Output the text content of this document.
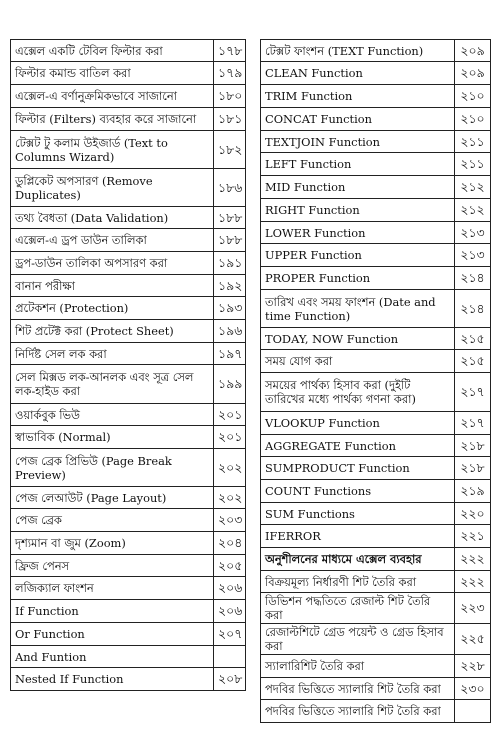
এক্সেল একটি টেবিল ফিল্টার করা	১৭৮
ফিল্টার কমান্ড বাতিল করা	১৭৯
এক্সেল-এ বর্ণানুক্রমিকভাবে সাজানো	১৮০
ফিল্টার (Filters) ব্যবহার করে সাজানো	১৮১
টেক্সট টু কলাম উইজার্ড (Text to Columns Wizard)	১৮২
ডুপ্লিকেট অপসারণ (Remove Duplicates)	১৮৬
তথ্য বৈধতা (Data Validation)	১৮৮
এক্সেল-এ ড্রপ ডাউন তালিকা	১৮৮
ড্রপ-ডাউন তালিকা অপসারণ করা	১৯১
বানান পরীক্ষা	১৯২
প্রটেকশন (Protection)	১৯৩
শিট প্রটেক্ট করা (Protect Sheet)	১৯৬
নির্দিষ্ট সেল লক করা	১৯৭
সেল মিক্সড লক-আনলক এবং সূত্র সেল লক-হাইড করা	১৯৯
ওয়ার্কবুক ভিউ	২০১
স্বাভাবিক (Normal)	২০১
পেজ ব্রেক প্রিভিউ (Page Break Preview)	২০২
পেজ লেআউট (Page Layout)	২০২
পেজ ব্রেক	২০৩
দৃশ্যমান বা জুম (Zoom)	২০৪
ফ্রিজ পেনস	২০৫
লজিক্যাল ফাংশন	২০৬
If Function	২০৬
Or Function	২০৭
And Funtion	
Nested If Function	২০৮
টেক্সট ফাংশন (TEXT Function)	২০৯
CLEAN Function	২০৯
TRIM Function	২১০
CONCAT Function	২১০
TEXTJOIN Function	২১১
LEFT Function	২১১
MID Function	২১২
RIGHT Function	২১২
LOWER Function	২১৩
UPPER Function	২১৩
PROPER Function	২১৪
তারিখ এবং সময় ফাংশন (Date and time Function)	২১৪
TODAY, NOW Function	২১৫
সময় যোগ করা	২১৫
সময়ের পার্থক্য হিসাব করা (দুইটি তারিখের মধ্যে পার্থক্য গণনা করা)	২১৭
VLOOKUP Function	২১৭
AGGREGATE Function	২১৮
SUMPRODUCT Function	২১৮
COUNT Functions	২১৯
SUM Functions	২২০
IFERROR	২২১
অনুশীলনের মাধ্যমে এক্সেল ব্যবহার	২২২
বিক্রয়মূল্য নির্ধারণী শিট তৈরি করা	২২২
ডিভিশন পদ্ধতিতে রেজাল্ট শিট তৈরি করা	২২৩
রেজাল্টশিটে গ্রেড পয়েন্ট ও গ্রেড হিসাব করা	২২৫
স্যালারিশিট তৈরি করা	২২৮
পদবির ভিত্তিতে স্যালারি শিট তৈরি করা	২৩০
পদবির ভিত্তিতে স্যালারি শিট তৈরি করা	
